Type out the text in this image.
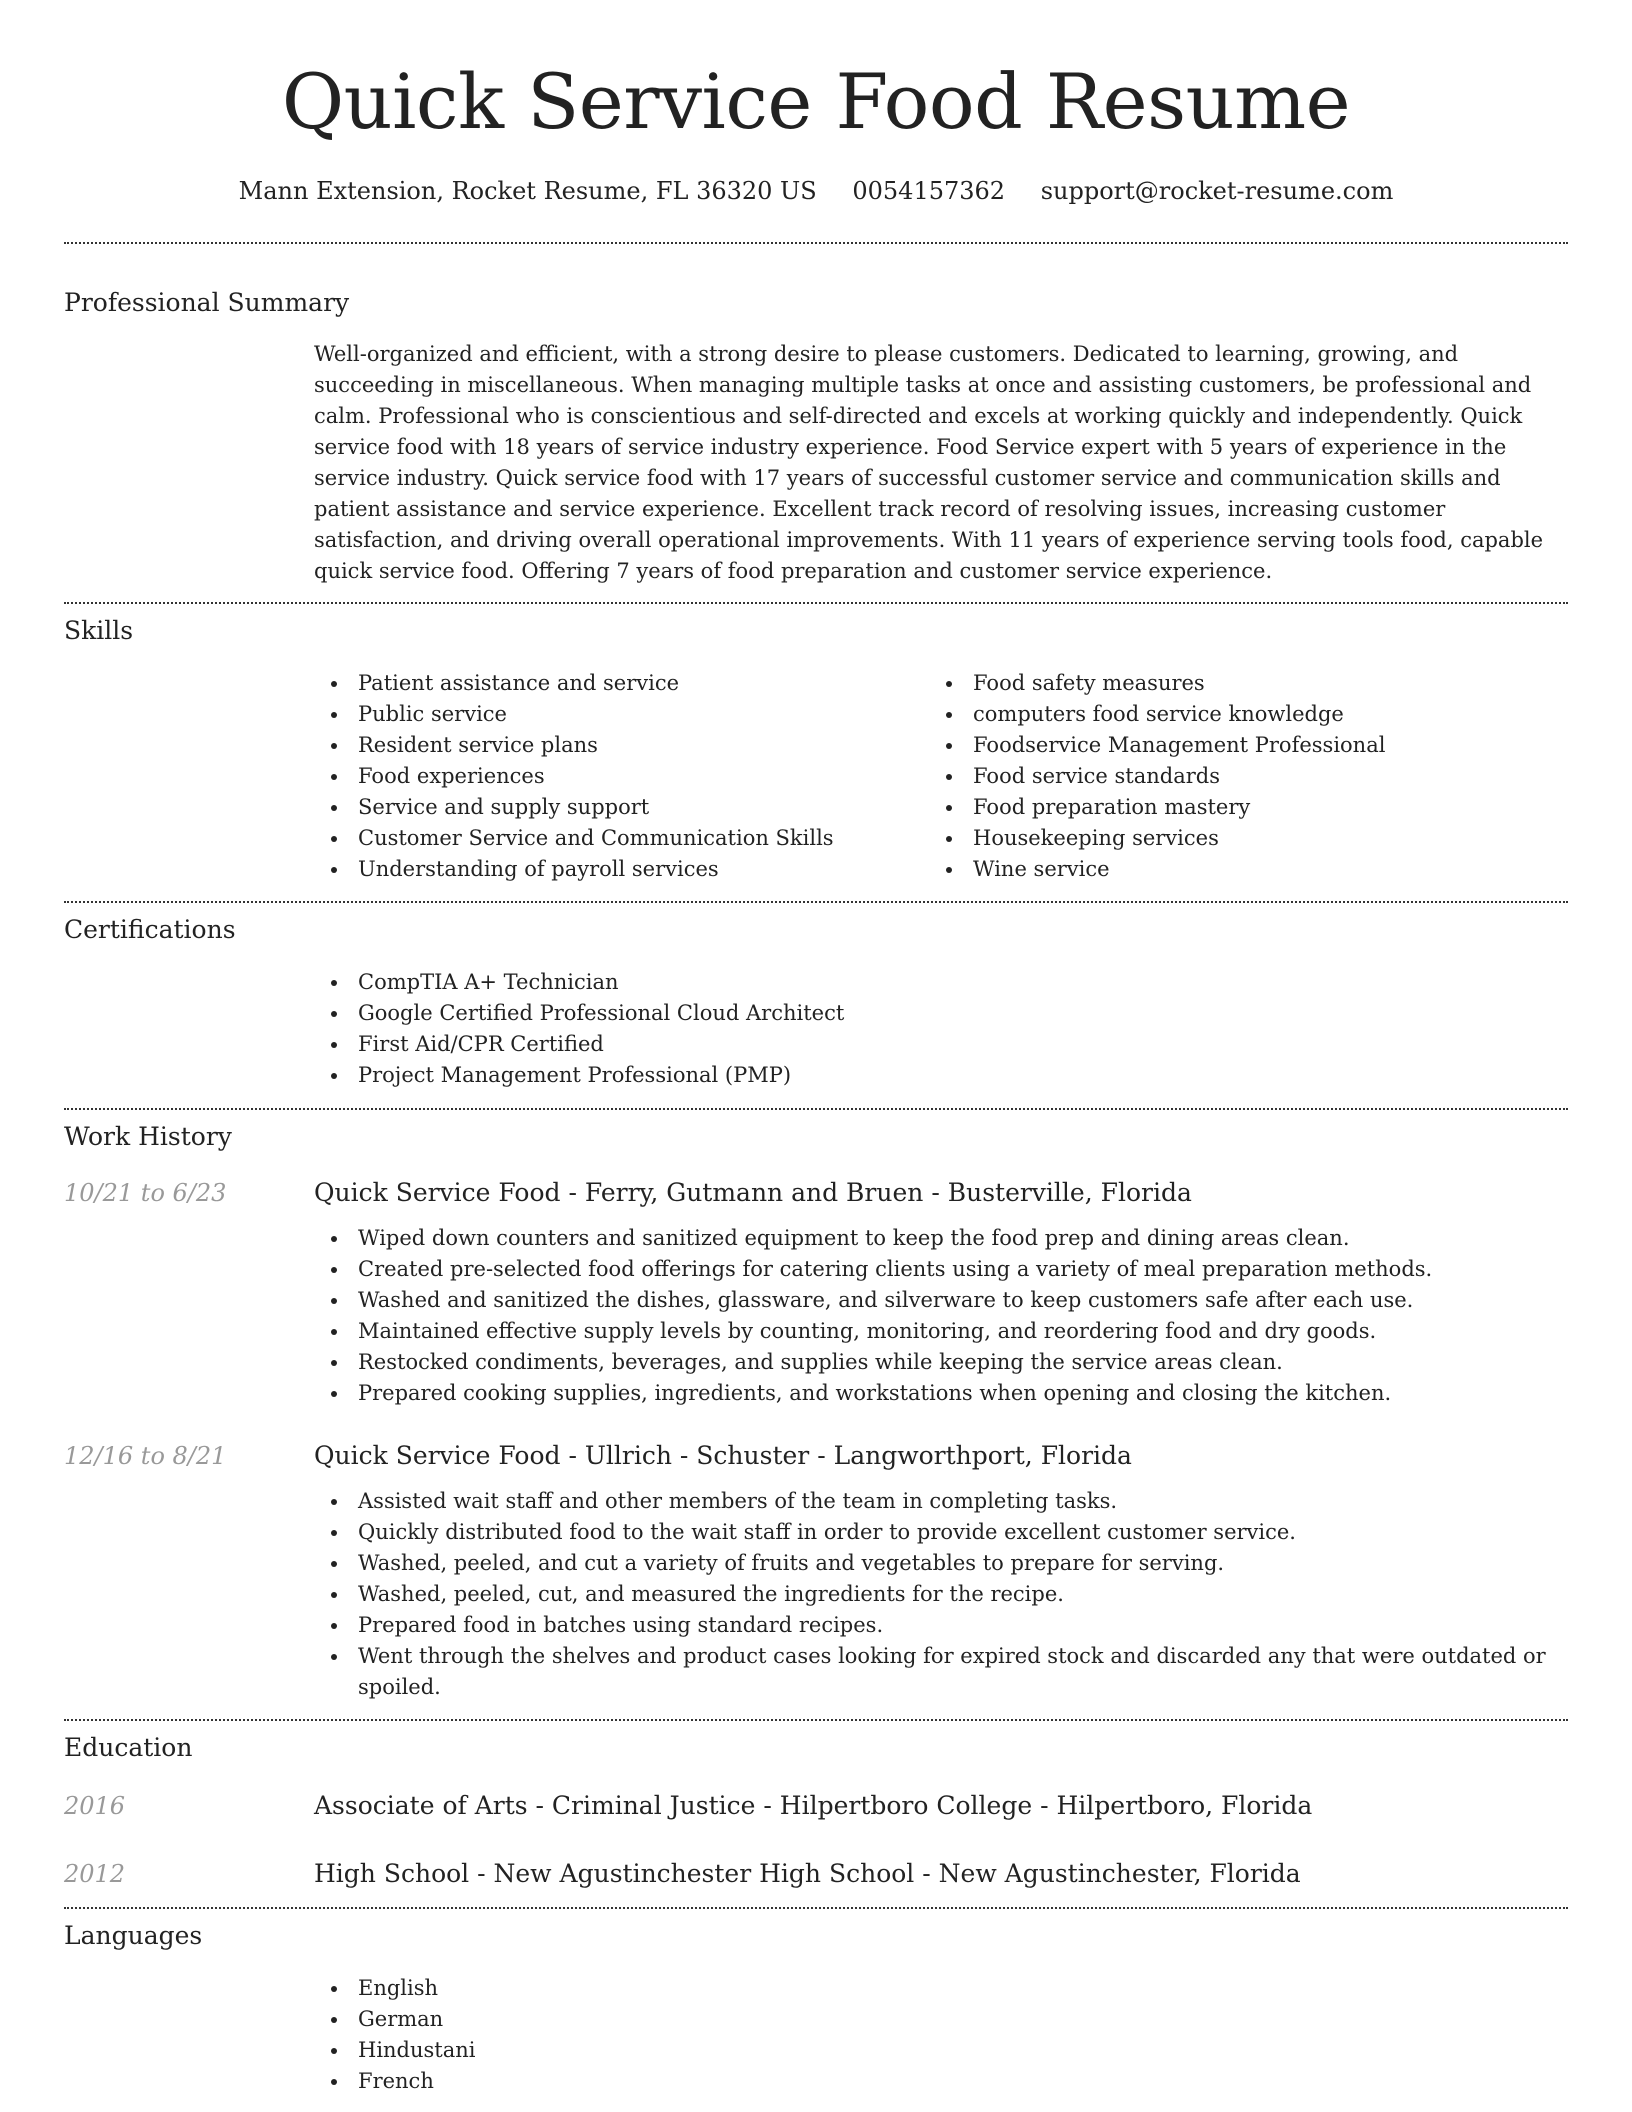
Quick Service Food Resume
Mann Extension, Rocket Resume, FL 36320 US 0054157362 support@rocket-resume.com
Professional Summary
Well-organized and efficient, with a strong desire to please customers. Dedicated to learning, growing, and succeeding in miscellaneous. When managing multiple tasks at once and assisting customers, be professional and calm. Professional who is conscientious and self-directed and excels at working quickly and independently. Quick service food with 18 years of service industry experience. Food Service expert with 5 years of experience in the service industry. Quick service food with 17 years of successful customer service and communication skills and patient assistance and service experience. Excellent track record of resolving issues, increasing customer satisfaction, and driving overall operational improvements. With 11 years of experience serving tools food, capable quick service food. Offering 7 years of food preparation and customer service experience.
Skills
Patient assistance and service
Public service
Resident service plans
Food experiences
Service and supply support
Customer Service and Communication Skills
Understanding of payroll services
Food safety measures
computers food service knowledge
Foodservice Management Professional
Food service standards
Food preparation mastery
Housekeeping services
Wine service
Certifications
CompTIA A+ Technician
Google Certified Professional Cloud Architect
First Aid/CPR Certified
Project Management Professional (PMP)
Work History
10/21 to 6/23	Quick Service Food - Ferry, Gutmann and Bruen - Busterville, Florida
Wiped down counters and sanitized equipment to keep the food prep and dining areas clean.
Created pre-selected food offerings for catering clients using a variety of meal preparation methods.
Washed and sanitized the dishes, glassware, and silverware to keep customers safe after each use.
Maintained effective supply levels by counting, monitoring, and reordering food and dry goods.
Restocked condiments, beverages, and supplies while keeping the service areas clean.
Prepared cooking supplies, ingredients, and workstations when opening and closing the kitchen.
12/16 to 8/21	Quick Service Food - Ullrich - Schuster - Langworthport, Florida
Assisted wait staff and other members of the team in completing tasks.
Quickly distributed food to the wait staff in order to provide excellent customer service.
Washed, peeled, and cut a variety of fruits and vegetables to prepare for serving.
Washed, peeled, cut, and measured the ingredients for the recipe.
Prepared food in batches using standard recipes.
Went through the shelves and product cases looking for expired stock and discarded any that were outdated or spoiled.
Education
2016	Associate of Arts - Criminal Justice - Hilpertboro College - Hilpertboro, Florida
2012	High School - New Agustinchester High School - New Agustinchester, Florida
Languages
English
German
Hindustani
French
